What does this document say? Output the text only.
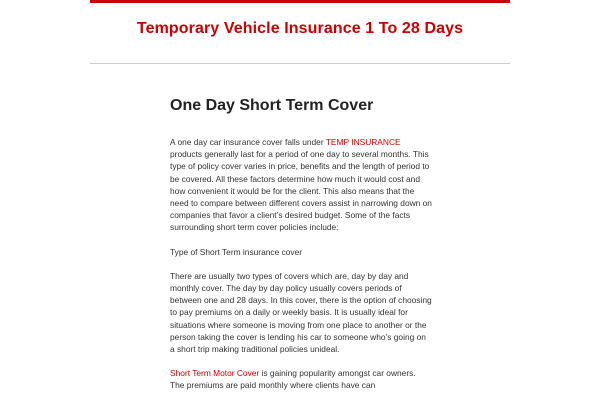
Temporary Vehicle Insurance 1 To 28 Days
One Day Short Term Cover

A one day car insurance cover falls under TEMP INSURANCE products generally last for a period of one day to several months. This type of policy cover varies in price, benefits and the length of period to be covered. All these factors determine how much it would cost and how convenient it would be for the client. This also means that the need to compare between different covers assist in narrowing down on companies that favor a client’s desired budget. Some of the facts surrounding short term cover policies include:

Type of Short Term insurance cover

There are usually two types of covers which are, day by day and monthly cover. The day by day policy usually covers periods of between one and 28 days. In this cover, there is the option of choosing to pay premiums on a daily or weekly basis. It is usually ideal for situations where someone is moving from one place to another or the person taking the cover is lending his car to someone who’s going on a short trip making traditional policies unideal.

Short Term Motor Cover is gaining popularity amongst car owners. The premiums are paid monthly where clients have can
